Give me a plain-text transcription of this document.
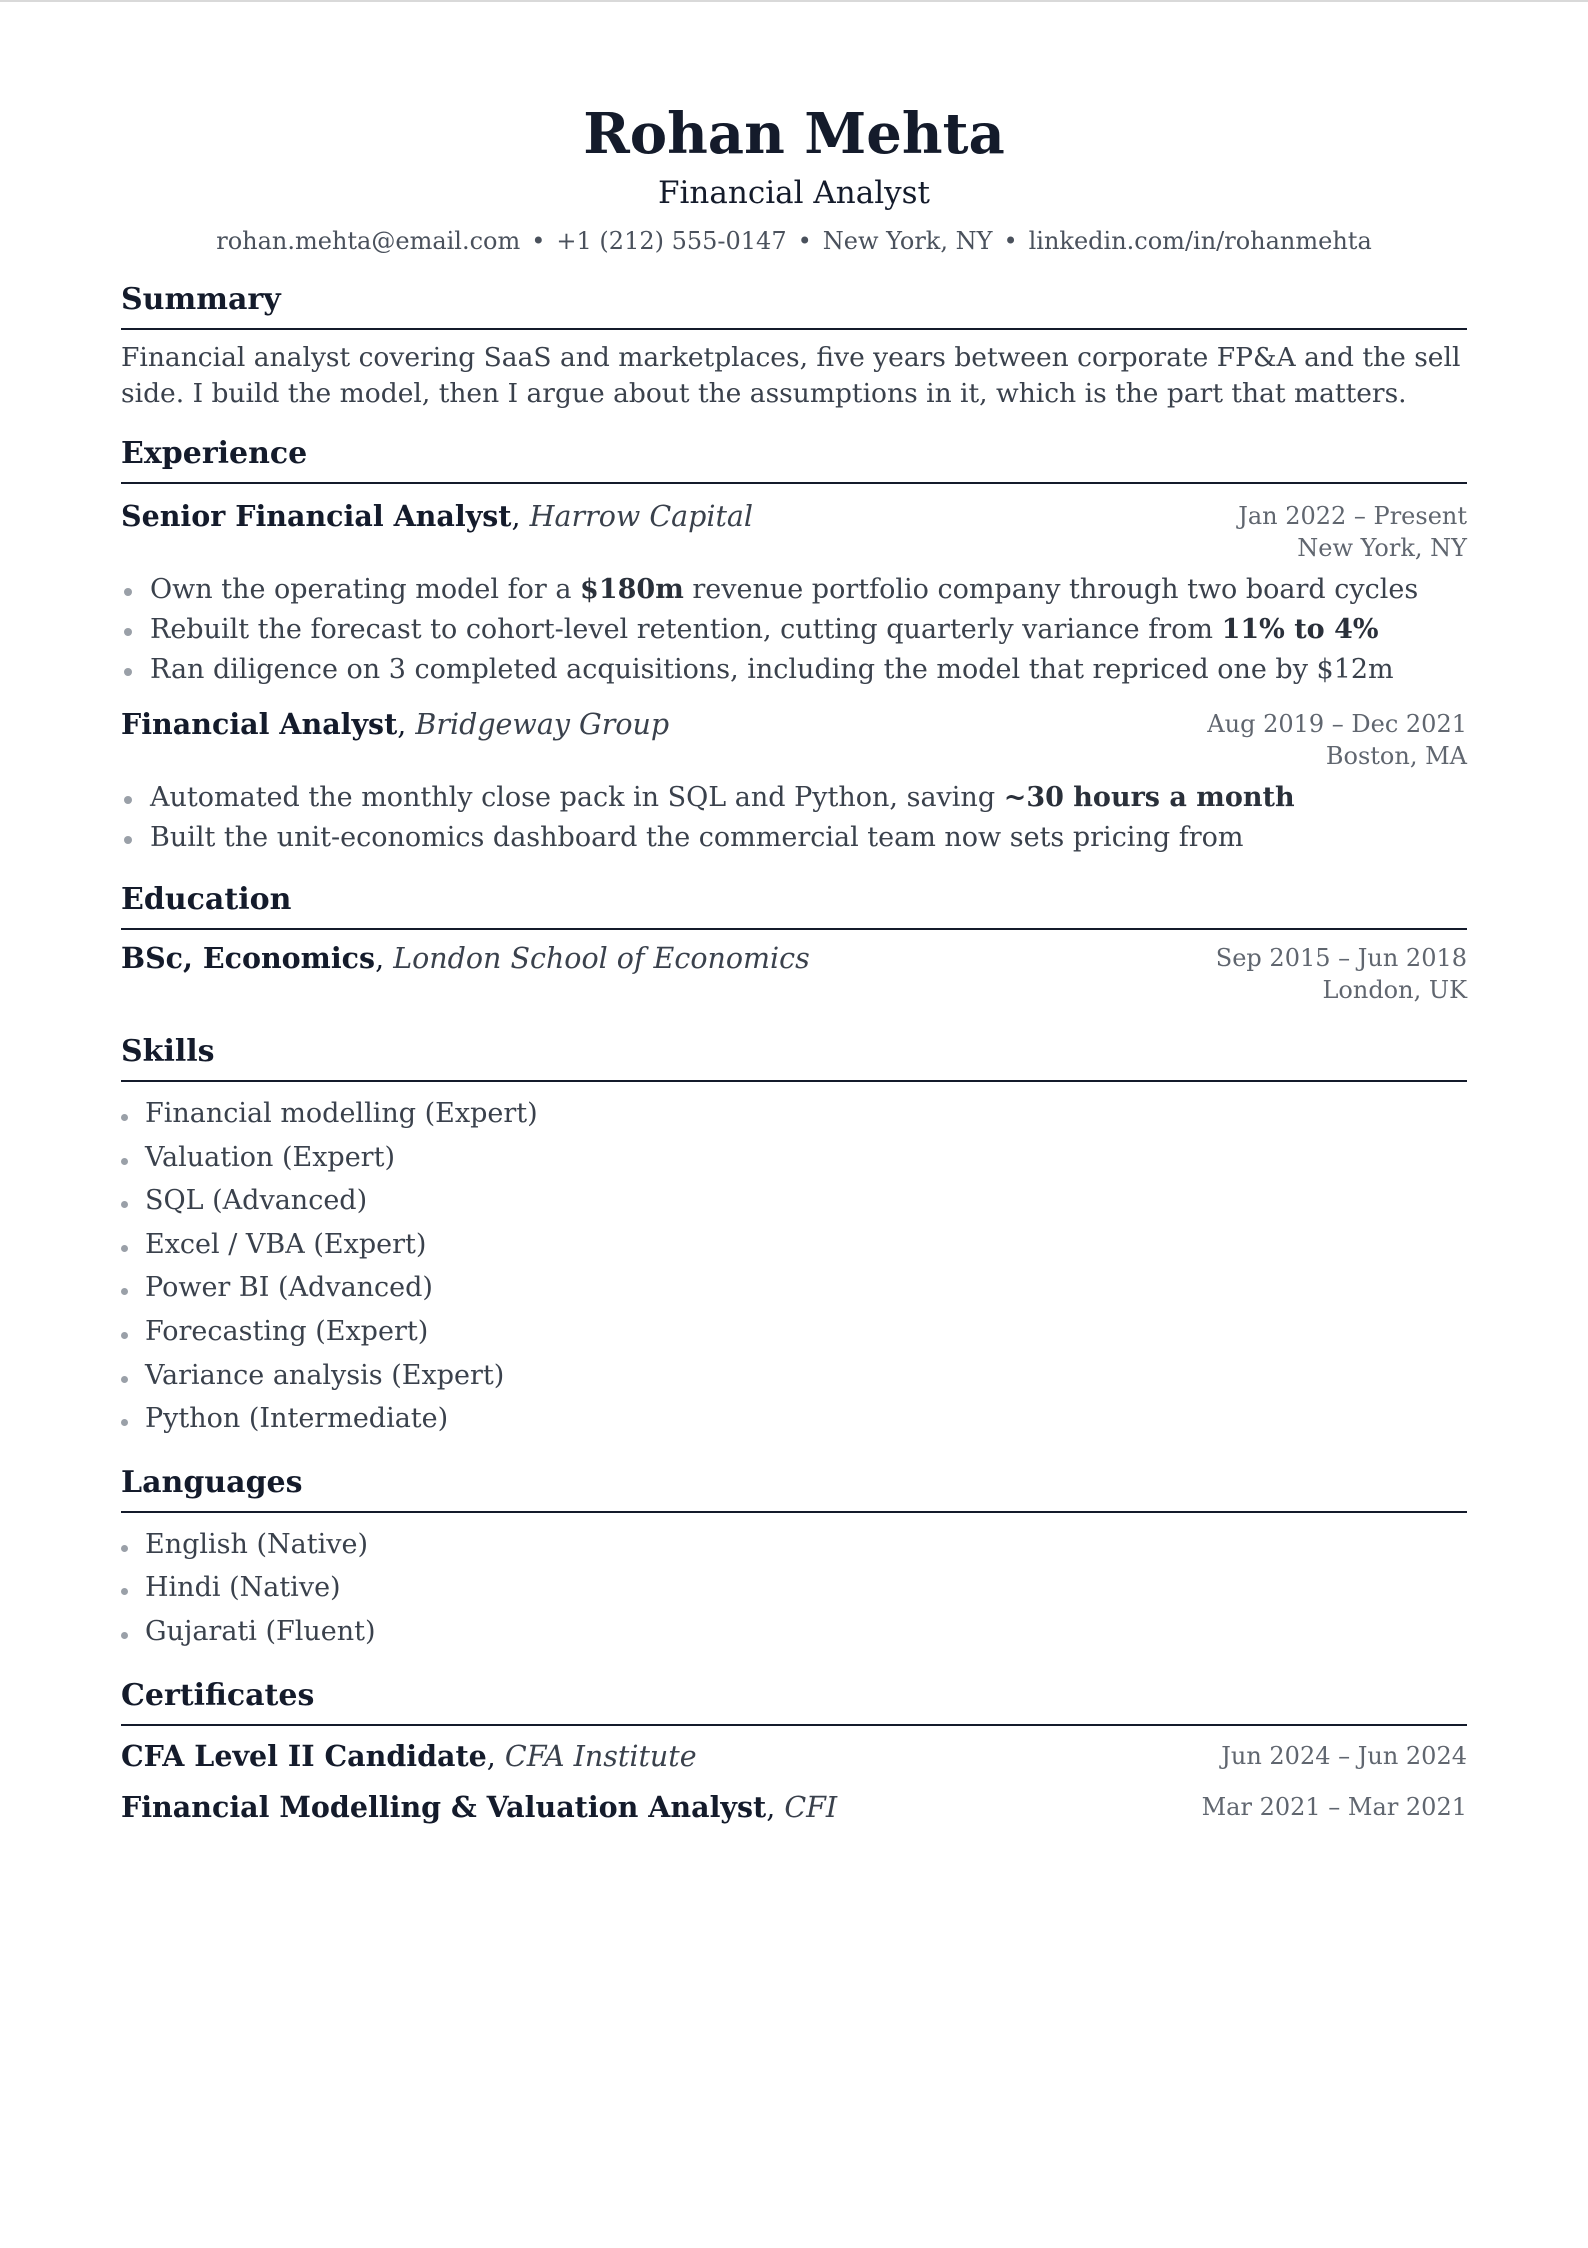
Rohan Mehta
Financial Analyst
rohan.mehta@email.com • +1 (212) 555-0147 • New York, NY • linkedin.com/in/rohanmehta
Summary
Financial analyst covering SaaS and marketplaces, five years between corporate FP&A and the sell side. I build the model, then I argue about the assumptions in it, which is the part that matters.
Experience
Senior Financial Analyst, Harrow Capital	Jan 2022 – Present
New York, NY
Own the operating model for a $180m revenue portfolio company through two board cycles
Rebuilt the forecast to cohort-level retention, cutting quarterly variance from 11% to 4%
Ran diligence on 3 completed acquisitions, including the model that repriced one by $12m
Financial Analyst, Bridgeway Group	Aug 2019 – Dec 2021
Boston, MA
Automated the monthly close pack in SQL and Python, saving ~30 hours a month
Built the unit-economics dashboard the commercial team now sets pricing from
Education
BSc, Economics, London School of Economics	Sep 2015 – Jun 2018
London, UK
Skills
Financial modelling (Expert)
Valuation (Expert)
SQL (Advanced)
Excel / VBA (Expert)
Power BI (Advanced)
Forecasting (Expert)
Variance analysis (Expert)
Python (Intermediate)
Languages
English (Native)
Hindi (Native)
Gujarati (Fluent)
Certificates
CFA Level II Candidate, CFA Institute	Jun 2024 – Jun 2024
Financial Modelling & Valuation Analyst, CFI	Mar 2021 – Mar 2021
